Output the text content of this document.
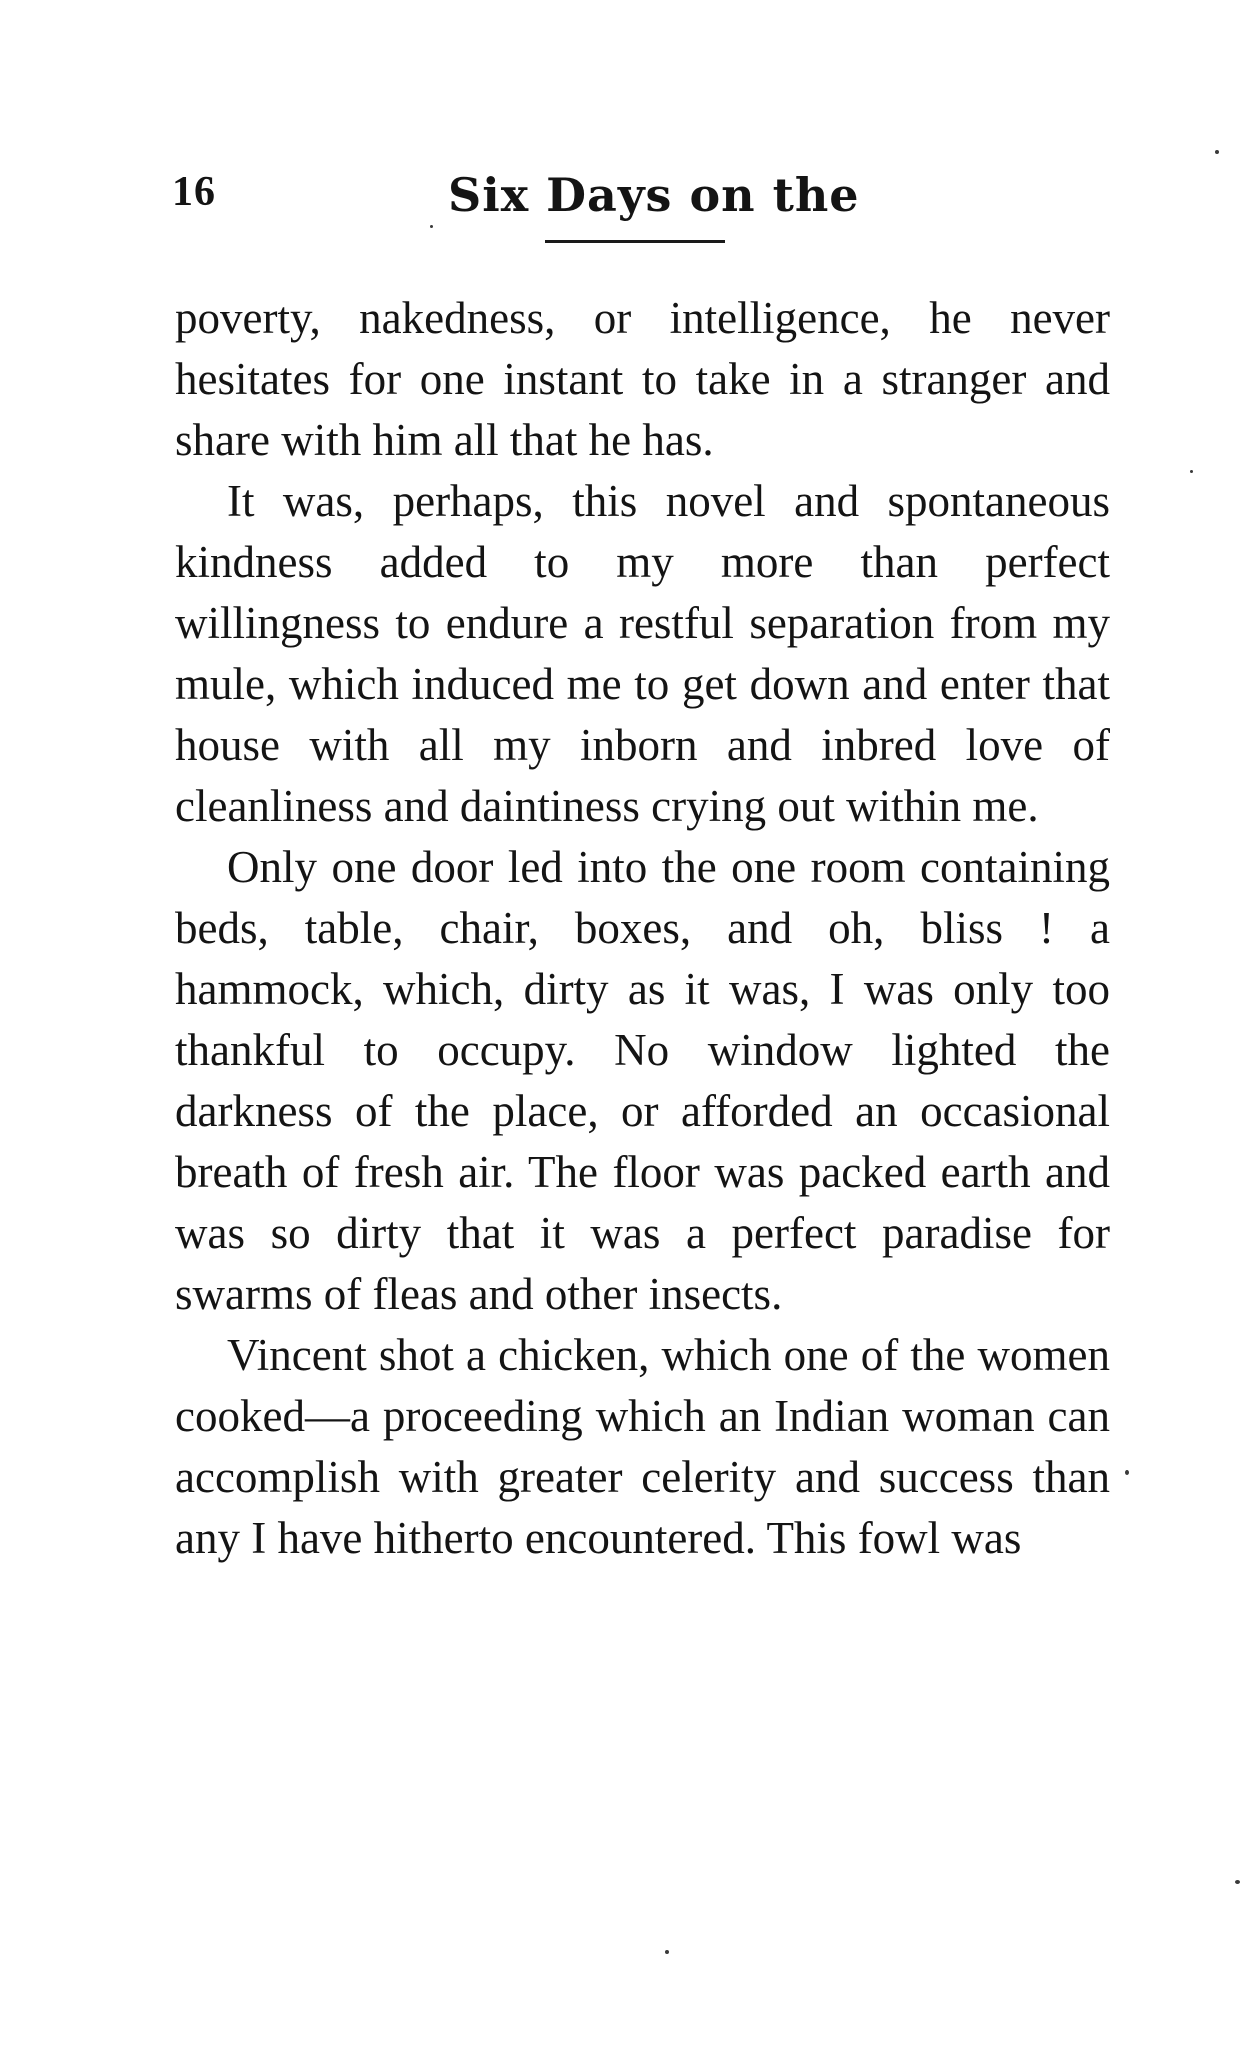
16	Six Days on the

poverty, nakedness, or intelligence, he never hesitates for one instant to take in a stranger and share with him all that he has.

It was, perhaps, this novel and spontaneous kindness added to my more than perfect willingness to endure a restful separation from my mule, which induced me to get down and enter that house with all my inborn and inbred love of cleanliness and daintiness crying out within me.

Only one door led into the one room containing beds, table, chair, boxes, and oh, bliss ! a hammock, which, dirty as it was, I was only too thankful to occupy. No window lighted the darkness of the place, or afforded an occasional breath of fresh air. The floor was packed earth and was so dirty that it was a perfect paradise for swarms of fleas and other insects.

Vincent shot a chicken, which one of the women cooked—a proceeding which an Indian woman can accomplish with greater celerity and success than any I have hitherto encountered. This fowl was
